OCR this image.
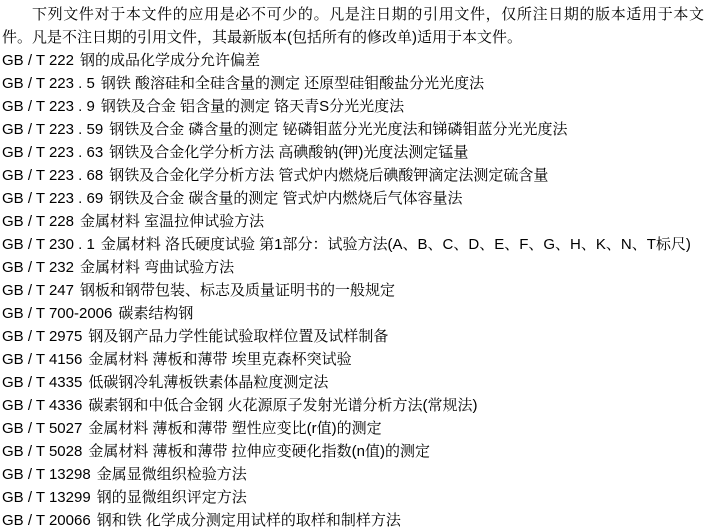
下列文件对于本文件的应用是必不可少的。凡是注日期的引用文件，仅所注日期的版本适用于本文件。凡是不注日期的引用文件，其最新版本(包括所有的修改单)适用于本文件。

GB / T 222 钢的成品化学成分允许偏差
GB / T 223 . 5 钢铁 酸溶硅和全硅含量的测定 还原型硅钼酸盐分光光度法
GB / T 223 . 9 钢铁及合金 铝含量的测定 铬天青S分光光度法
GB / T 223 . 59 钢铁及合金 磷含量的测定 铋磷钼蓝分光光度法和锑磷钼蓝分光光度法
GB / T 223 . 63 钢铁及合金化学分析方法 高碘酸钠(钾)光度法测定锰量
GB / T 223 . 68 钢铁及合金化学分析方法 管式炉内燃烧后碘酸钾滴定法测定硫含量
GB / T 223 . 69 钢铁及合金 碳含量的测定 管式炉内燃烧后气体容量法
GB / T 228 金属材料 室温拉伸试验方法
GB / T 230 . 1 金属材料 洛氏硬度试验 第1部分：试验方法(A、B、C、D、E、F、G、H、K、N、T标尺)
GB / T 232 金属材料 弯曲试验方法
GB / T 247 钢板和钢带包装、标志及质量证明书的一般规定
GB / T 700-2006 碳素结构钢
GB / T 2975 钢及钢产品力学性能试验取样位置及试样制备
GB / T 4156 金属材料 薄板和薄带 埃里克森杯突试验
GB / T 4335 低碳钢冷轧薄板铁素体晶粒度测定法
GB / T 4336 碳素钢和中低合金钢 火花源原子发射光谱分析方法(常规法)
GB / T 5027 金属材料 薄板和薄带 塑性应变比(r值)的测定
GB / T 5028 金属材料 薄板和薄带 拉伸应变硬化指数(n值)的测定
GB / T 13298 金属显微组织检验方法
GB / T 13299 钢的显微组织评定方法
GB / T 20066 钢和铁 化学成分测定用试样的取样和制样方法
